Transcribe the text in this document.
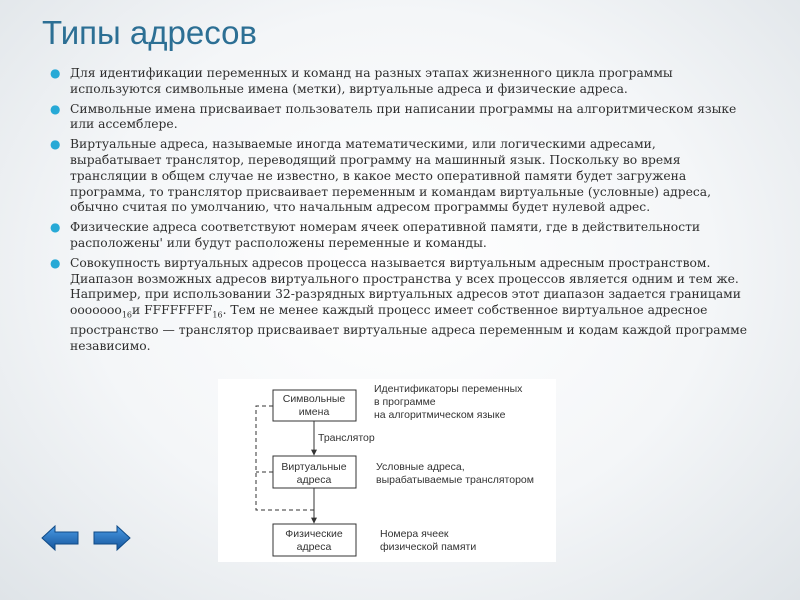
Типы адресов
● Для идентификации переменных и команд на разных этапах жизненного цикла программы используются символьные имена (метки), виртуальные адреса и физические адреса.
● Символьные имена присваивает пользователь при написании программы на алгоритмическом языке или ассемблере.
● Виртуальные адреса, называемые иногда математическими, или логическими адресами, вырабатывает транслятор, переводящий программу на машинный язык. Поскольку во время трансляции в общем случае не известно, в какое место оперативной памяти будет загружена программа, то транслятор присваивает переменным и командам виртуальные (условные) адреса, обычно считая по умолчанию, что начальным адресом программы будет нулевой адрес.
● Физические адреса соответствуют номерам ячеек оперативной памяти, где в действительности расположены' или будут расположены переменные и команды.
● Совокупность виртуальных адресов процесса называется виртуальным адресным пространством. Диапазон возможных адресов виртуального пространства у всех процессов является одним и тем же. Например, при использовании 32-разрядных виртуальных адресов этот диапазон задается границами ооооооо$_{16}$и $FFFFFFFF_{16}$. Тем не менее каждый процесс имеет собственное виртуальное адресное пространство — транслятор присваивает виртуальные адреса переменным и кодам каждой программе независимо.
Символьные
имена
Виртуальные
адреса
Физические
адреса
Транслятор
Идентификаторы переменных
в программе
на алгоритмическом языке
Условные адреса,
вырабатываемые транслятором
Номера ячеек
физической памяти
